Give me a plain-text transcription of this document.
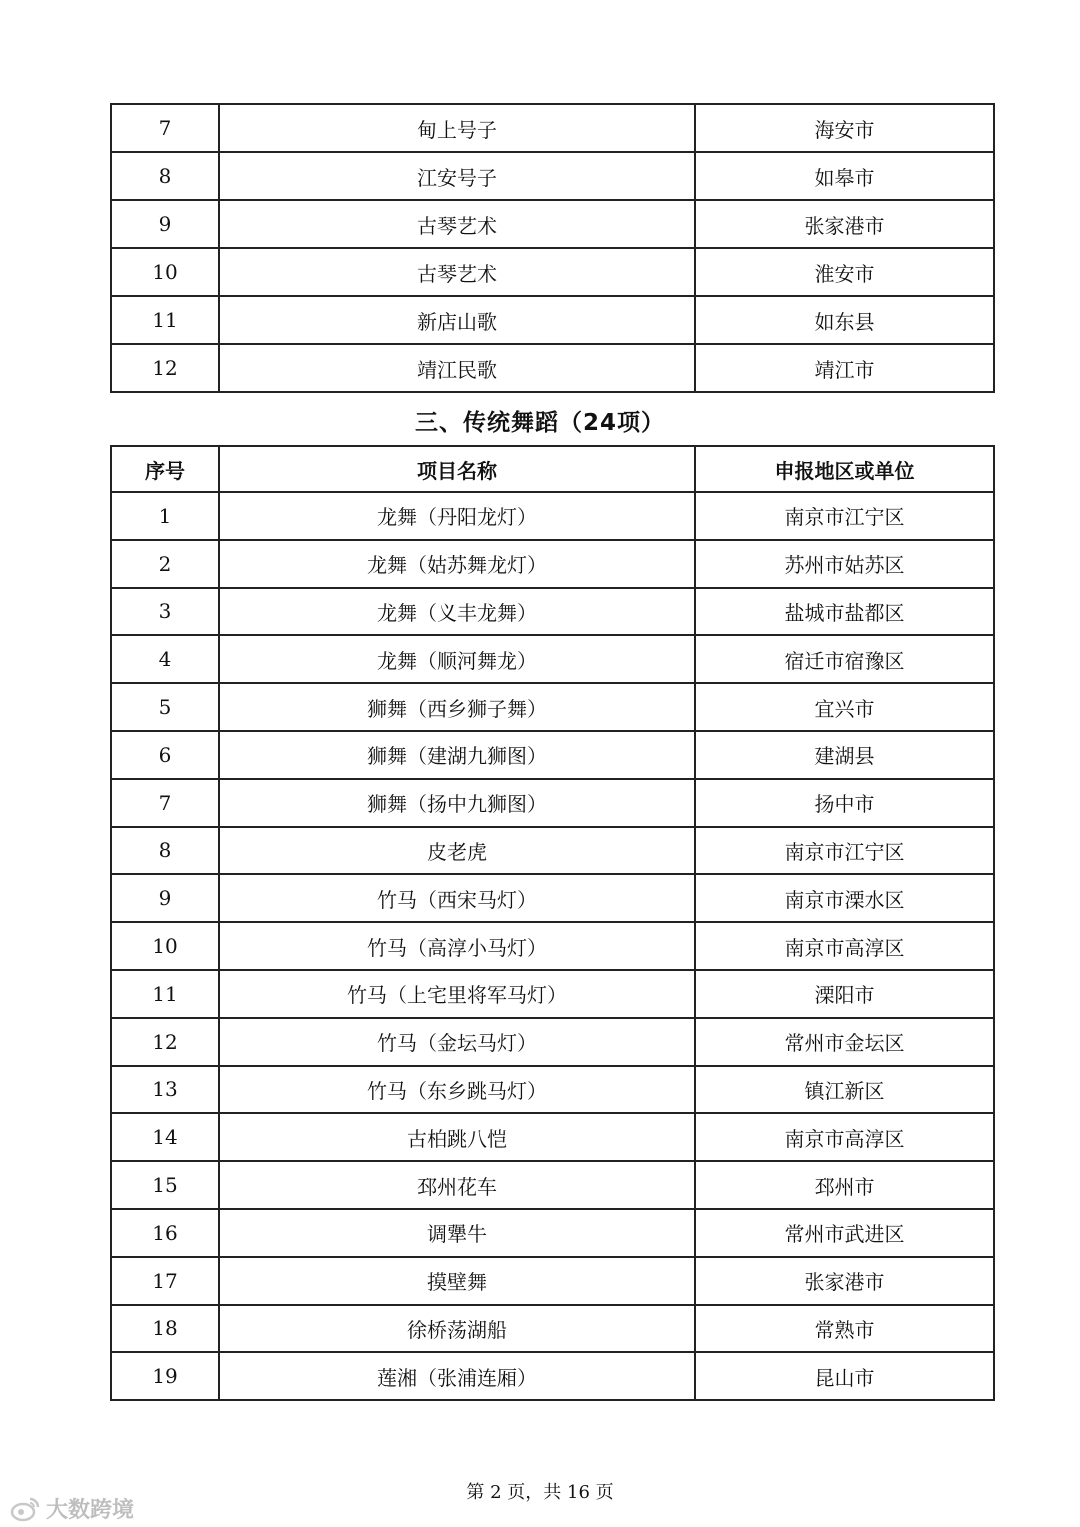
7	甸上号子	海安市
8	江安号子	如皋市
9	古琴艺术	张家港市
10	古琴艺术	淮安市
11	新店山歌	如东县
12	靖江民歌	靖江市
三、传统舞蹈（24项）
序号	项目名称	申报地区或单位
1	龙舞（丹阳龙灯）	南京市江宁区
2	龙舞（姑苏舞龙灯）	苏州市姑苏区
3	龙舞（义丰龙舞）	盐城市盐都区
4	龙舞（顺河舞龙）	宿迁市宿豫区
5	狮舞（西乡狮子舞）	宜兴市
6	狮舞（建湖九狮图）	建湖县
7	狮舞（扬中九狮图）	扬中市
8	皮老虎	南京市江宁区
9	竹马（西宋马灯）	南京市溧水区
10	竹马（高淳小马灯）	南京市高淳区
11	竹马（上宅里将军马灯）	溧阳市
12	竹马（金坛马灯）	常州市金坛区
13	竹马（东乡跳马灯）	镇江新区
14	古柏跳八恺	南京市高淳区
15	邳州花车	邳州市
16	调犟牛	常州市武进区
17	摸壁舞	张家港市
18	徐桥荡湖船	常熟市
19	莲湘（张浦连厢）	昆山市
第 2 页，共 16 页
大数跨境
